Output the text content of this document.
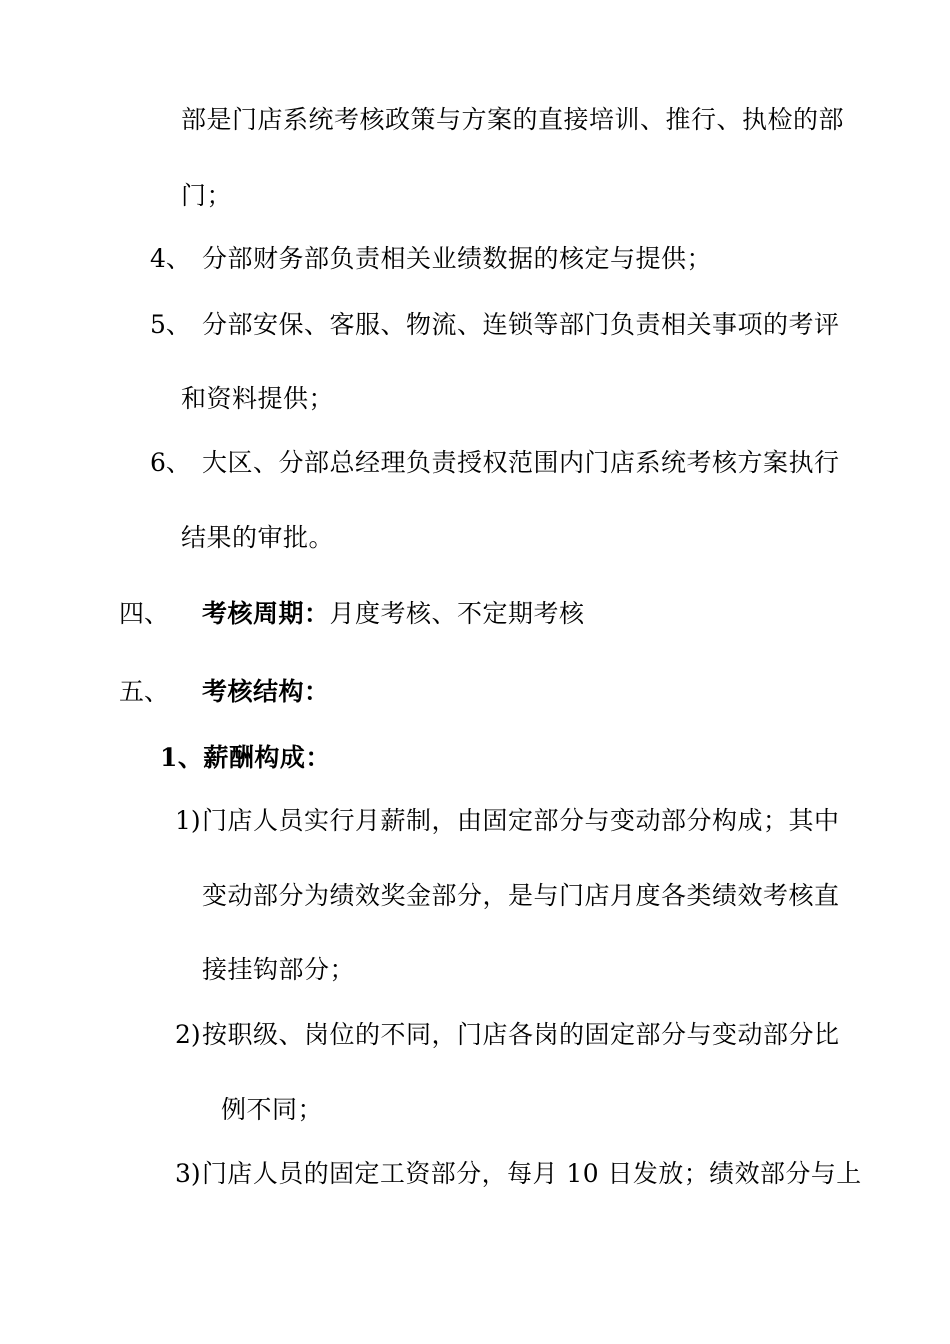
部是门店系统考核政策与方案的直接培训、推行、执检的部
门；
4、 分部财务部负责相关业绩数据的核定与提供；
5、 分部安保、客服、物流、连锁等部门负责相关事项的考评
和资料提供；
6、 大区、分部总经理负责授权范围内门店系统考核方案执行
结果的审批。
四、 考核周期：月度考核、不定期考核
五、 考核结构：
1、薪酬构成：
1) 门店人员实行月薪制，由固定部分与变动部分构成；其中
变动部分为绩效奖金部分，是与门店月度各类绩效考核直
接挂钩部分；
2) 按职级、岗位的不同，门店各岗的固定部分与变动部分比
例不同；
3) 门店人员的固定工资部分，每月 10 日发放；绩效部分与上
